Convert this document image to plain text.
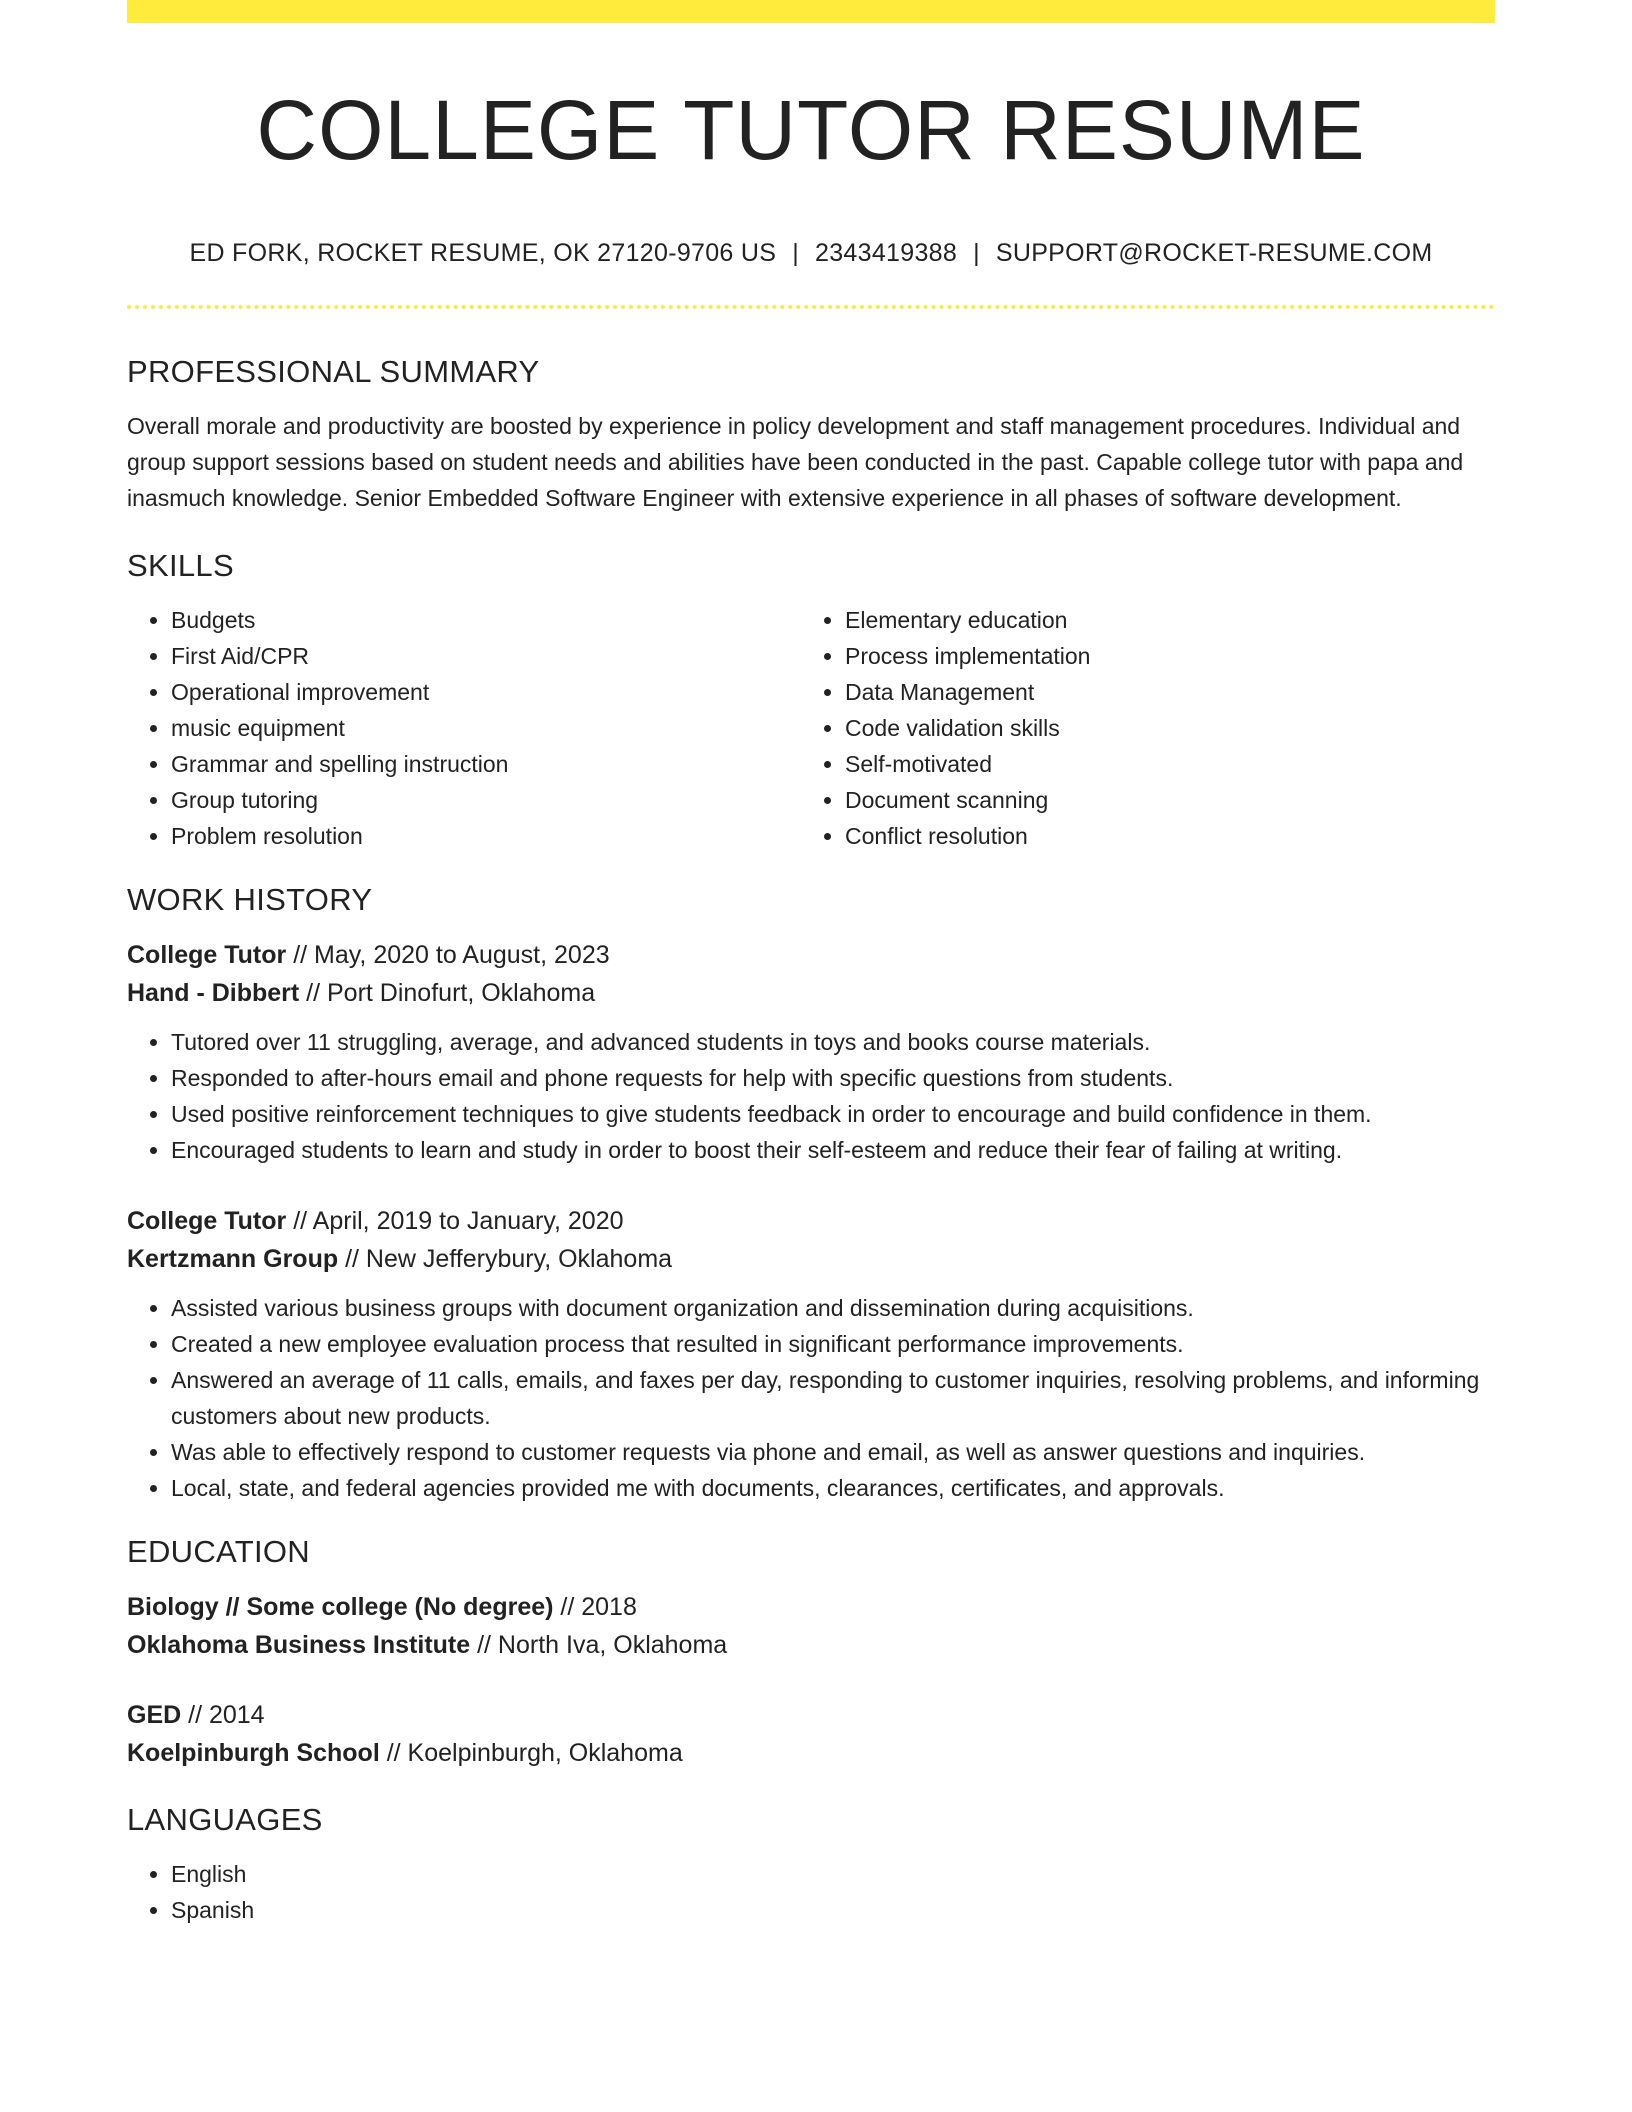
COLLEGE TUTOR RESUME
ED FORK, ROCKET RESUME, OK 27120-9706 US | 2343419388 | SUPPORT@ROCKET-RESUME.COM
PROFESSIONAL SUMMARY

Overall morale and productivity are boosted by experience in policy development and staff management procedures. Individual and group support sessions based on student needs and abilities have been conducted in the past. Capable college tutor with papa and inasmuch knowledge. Senior Embedded Software Engineer with extensive experience in all phases of software development.

SKILLS
• Budgets
• First Aid/CPR
• Operational improvement
• music equipment
• Grammar and spelling instruction
• Group tutoring
• Problem resolution
• Elementary education
• Process implementation
• Data Management
• Code validation skills
• Self-motivated
• Document scanning
• Conflict resolution
WORK HISTORY
College Tutor // May, 2020 to August, 2023
Hand - Dibbert // Port Dinofurt, Oklahoma
• Tutored over 11 struggling, average, and advanced students in toys and books course materials.
• Responded to after-hours email and phone requests for help with specific questions from students.
• Used positive reinforcement techniques to give students feedback in order to encourage and build confidence in them.
• Encouraged students to learn and study in order to boost their self-esteem and reduce their fear of failing at writing.
College Tutor // April, 2019 to January, 2020
Kertzmann Group // New Jefferybury, Oklahoma
• Assisted various business groups with document organization and dissemination during acquisitions.
• Created a new employee evaluation process that resulted in significant performance improvements.
• Answered an average of 11 calls, emails, and faxes per day, responding to customer inquiries, resolving problems, and informing customers about new products.
• Was able to effectively respond to customer requests via phone and email, as well as answer questions and inquiries.
• Local, state, and federal agencies provided me with documents, clearances, certificates, and approvals.
EDUCATION
Biology // Some college (No degree) // 2018
Oklahoma Business Institute // North Iva, Oklahoma
GED // 2014
Koelpinburgh School // Koelpinburgh, Oklahoma
LANGUAGES
• English
• Spanish
